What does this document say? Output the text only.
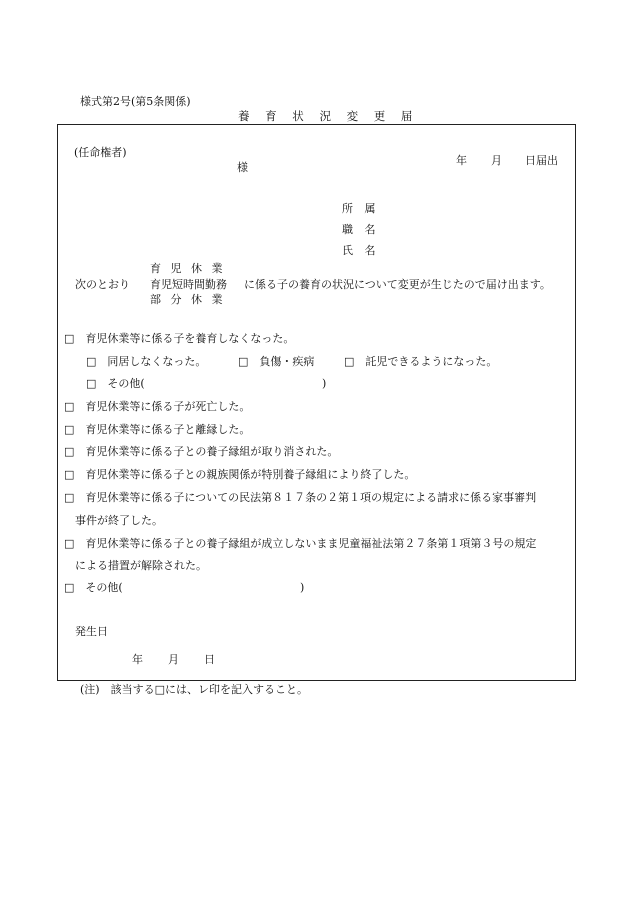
様式第2号(第5条関係)
養 育 状 況 変 更 届
(任命権者)
様
年 月 日届出
所 属
職 名
氏 名
次のとおり
育 児 休 業
育児短時間勤務
部 分 休 業
に係る子の養育の状況について変更が生じたので届け出ます。
□　育児休業等に係る子を養育しなくなった。
□　同居しなくなった。	□　負傷・疾病	□　託児できるようになった。
□　その他(	)
□　育児休業等に係る子が死亡した。
□　育児休業等に係る子と離縁した。
□　育児休業等に係る子との養子縁組が取り消された。
□　育児休業等に係る子との親族関係が特別養子縁組により終了した。
□　育児休業等に係る子についての民法第８１７条の２第１項の規定による請求に係る家事審判
事件が終了した。
□　育児休業等に係る子との養子縁組が成立しないまま児童福祉法第２７条第１項第３号の規定
による措置が解除された。
□　その他(	)
発生日
年 月 日
(注)　該当する□には、レ印を記入すること。
